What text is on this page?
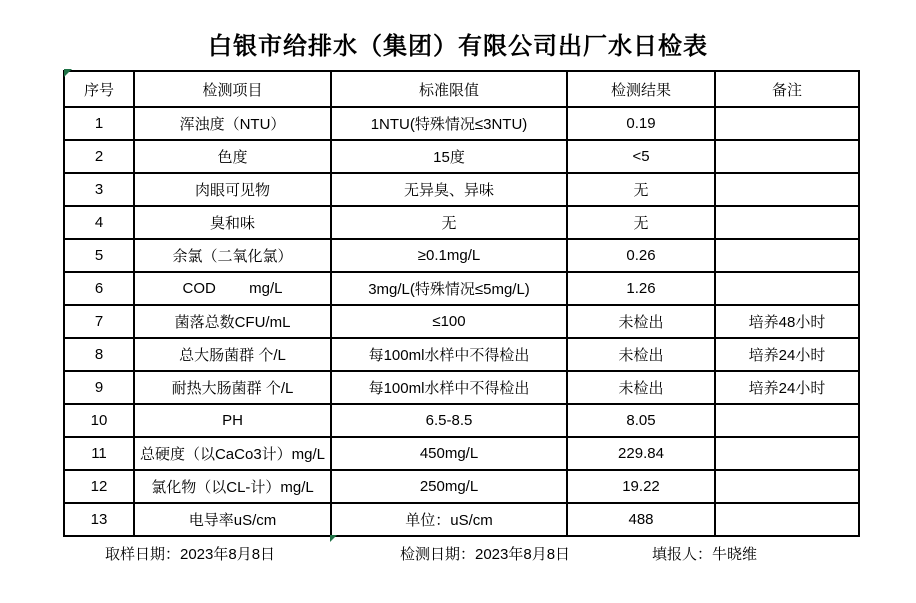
白银市给排水（集团）有限公司出厂水日检表
序号	检测项目	标准限值	检测结果	备注
1	浑浊度（NTU）	1NTU(特殊情况≤3NTU)	0.19	
2	色度	15度	<5	
3	肉眼可见物	无异臭、异味	无	
4	臭和味	无	无	
5	余氯（二氧化氯）	≥0.1mg/L	0.26	
6	COD        mg/L	3mg/L(特殊情况≤5mg/L)	1.26	
7	菌落总数CFU/mL	≤100	未检出	培养48小时
8	总大肠菌群 个/L	每100ml水样中不得检出	未检出	培养24小时
9	耐热大肠菌群 个/L	每100ml水样中不得检出	未检出	培养24小时
10	PH	6.5-8.5	8.05	
11	总硬度（以CaCo3计）mg/L	450mg/L	229.84	
12	氯化物（以CL-计）mg/L	250mg/L	19.22	
13	电导率uS/cm	单位：uS/cm	488	
取样日期：2023年8月8日	检测日期：2023年8月8日	填报人：牛晓维
